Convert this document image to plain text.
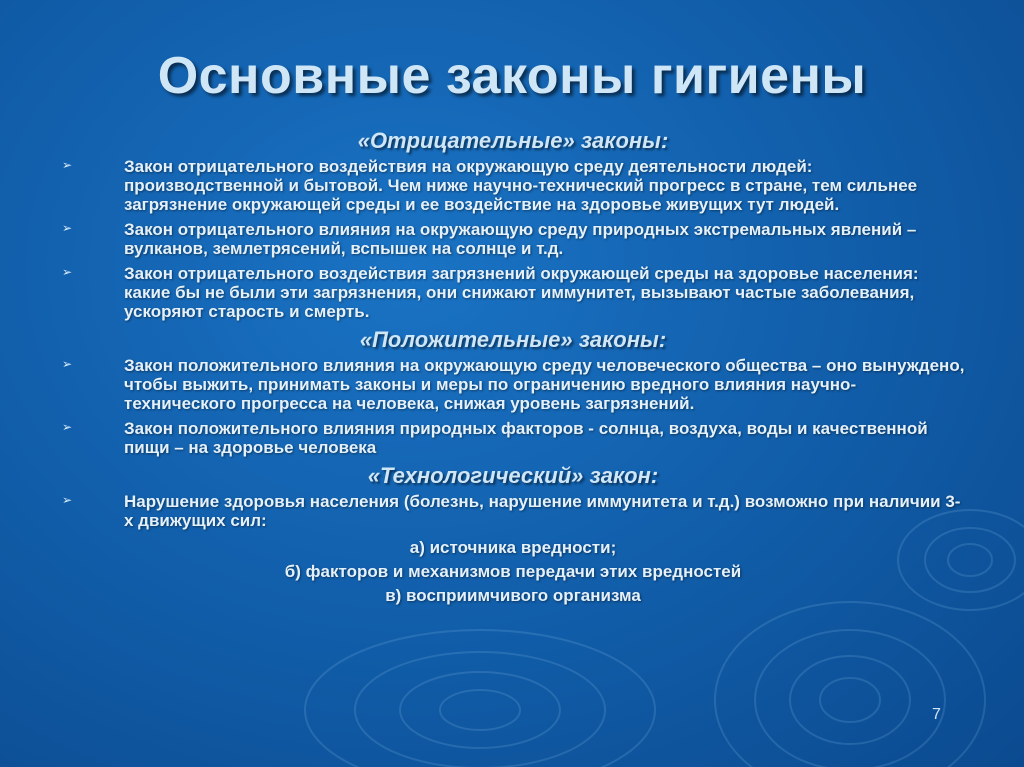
Основные законы гигиены
«Отрицательные» законы:
➢	Закон отрицательного воздействия на окружающую среду деятельности людей: производственной и бытовой. Чем ниже научно-технический прогресс в стране, тем сильнее загрязнение окружающей среды и ее воздействие на здоровье живущих тут людей.
➢	Закон отрицательного влияния на окружающую среду природных экстремальных явлений – вулканов, землетрясений, вспышек на солнце и т.д.
➢	Закон отрицательного воздействия загрязнений окружающей среды на здоровье населения: какие бы не были эти загрязнения, они снижают иммунитет, вызывают частые заболевания, ускоряют старость и смерть.
«Положительные» законы:
➢	Закон положительного влияния на окружающую среду человеческого общества – оно вынуждено, чтобы выжить, принимать законы и меры по ограничению вредного влияния научно-технического прогресса на человека, снижая уровень загрязнений.
➢	Закон положительного влияния природных факторов - солнца, воздуха, воды и качественной пищи – на здоровье человека
«Технологический» закон:
➢	Нарушение здоровья населения (болезнь, нарушение иммунитета и т.д.) возможно при наличии 3-х движущих сил:
а) источника вредности;
б) факторов и механизмов передачи этих вредностей
в) восприимчивого организма
7
